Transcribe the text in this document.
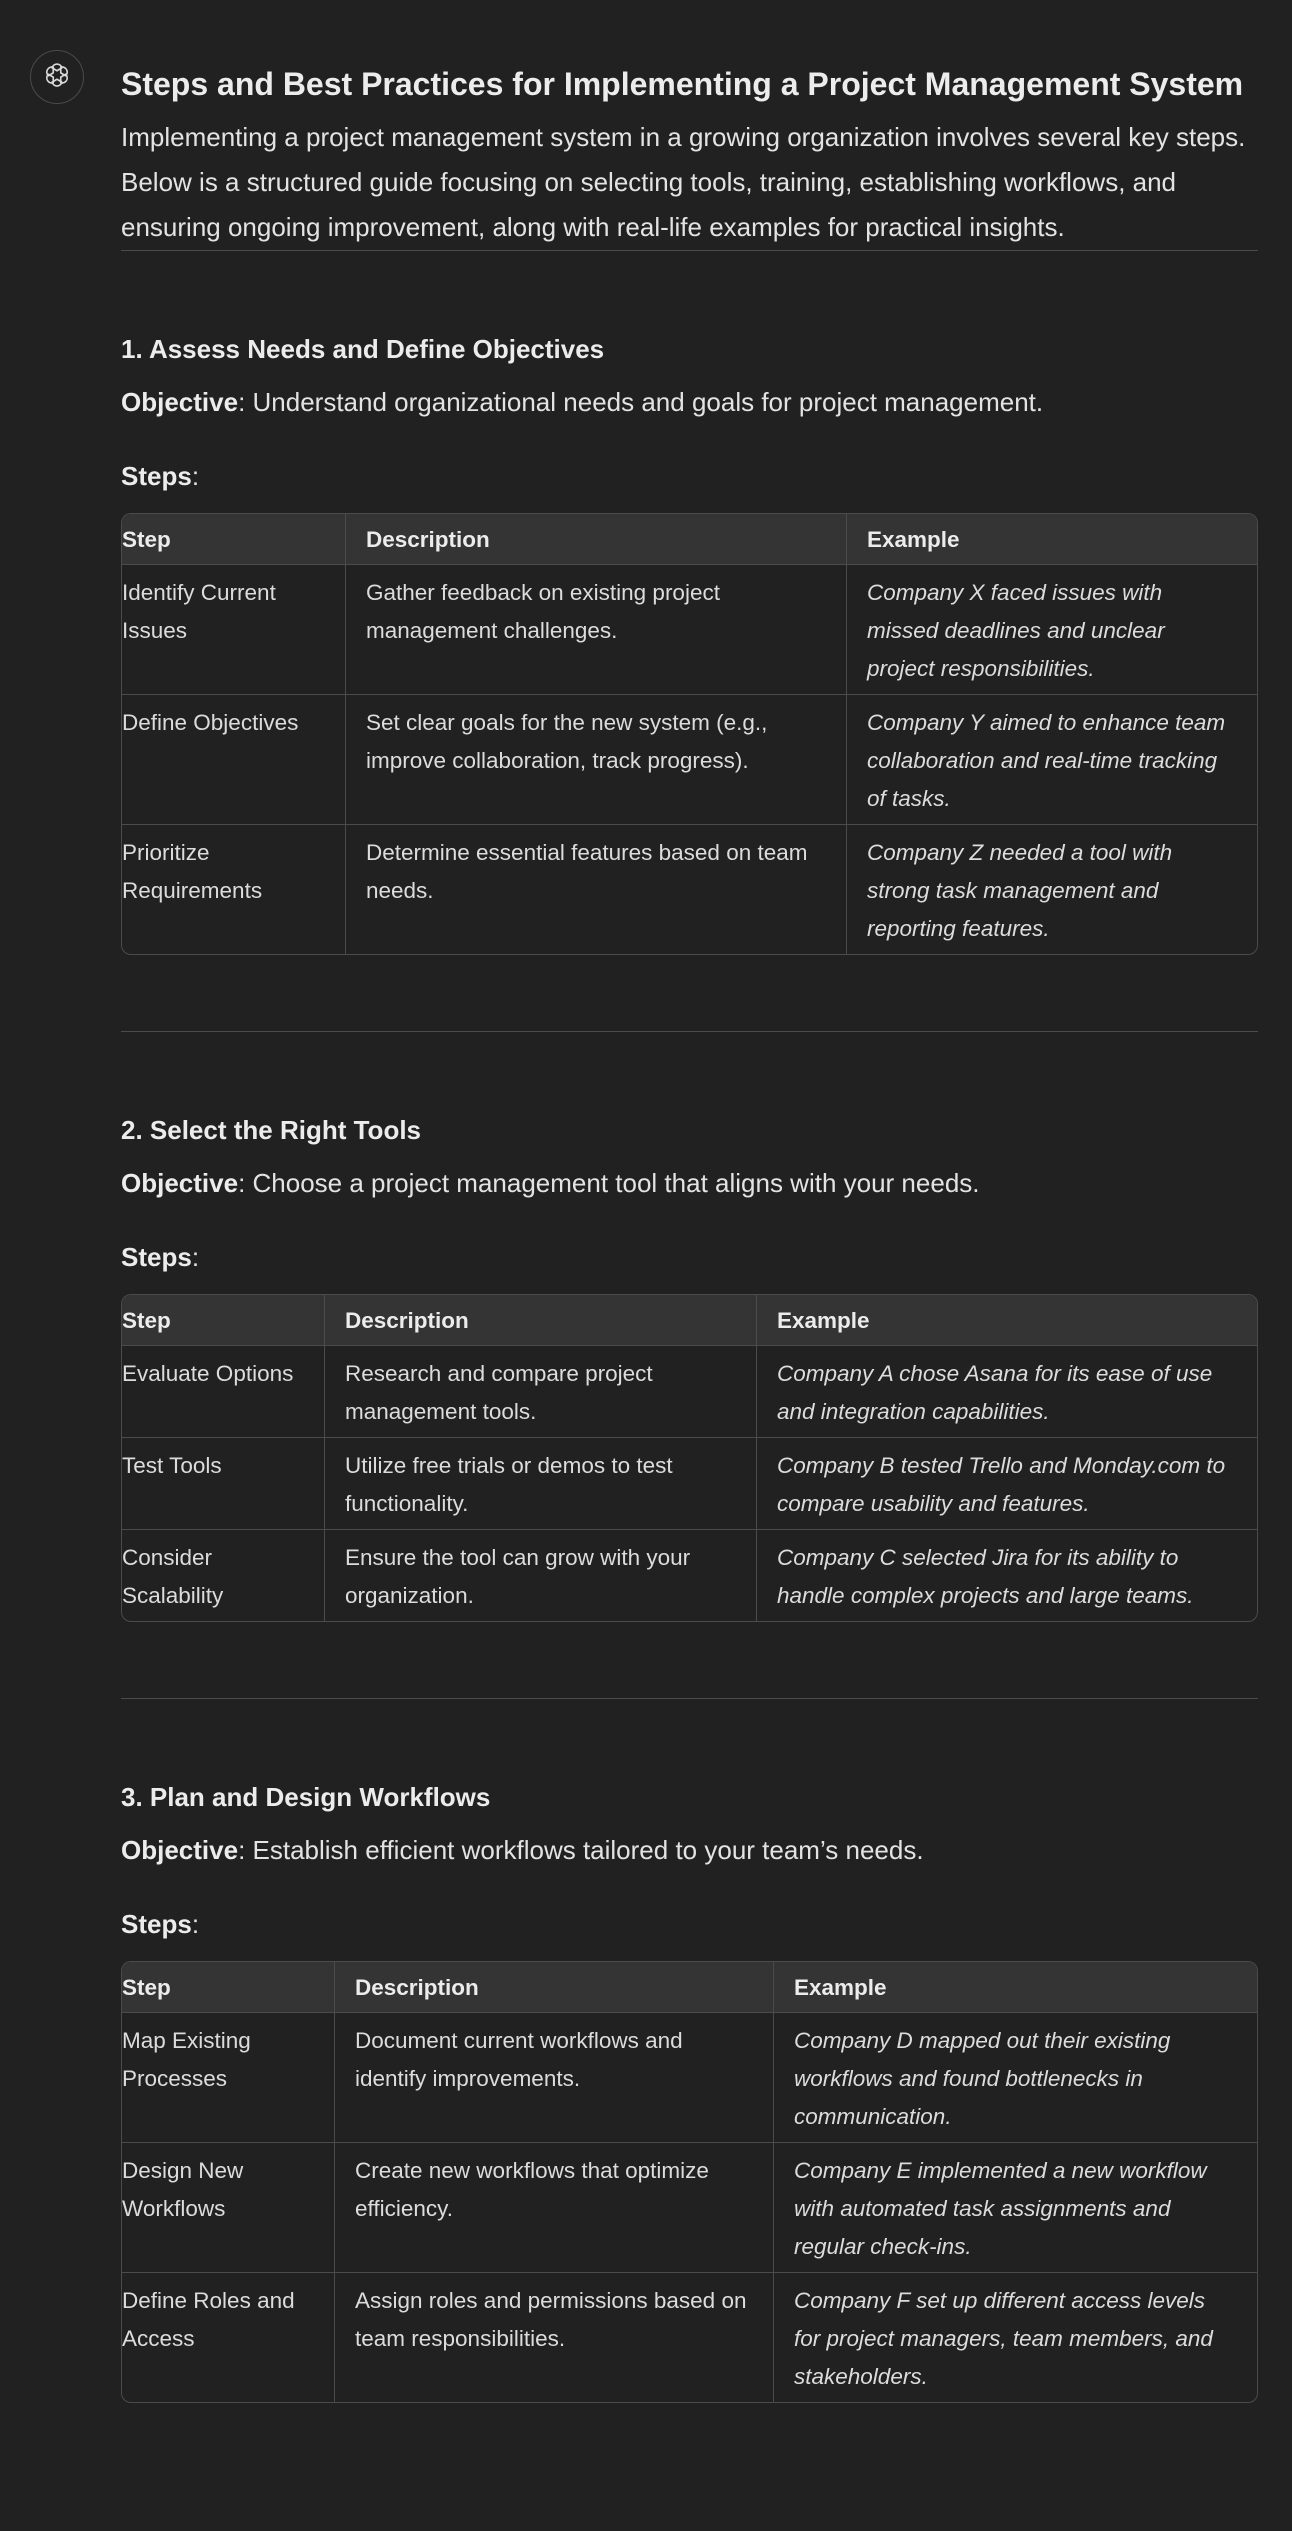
Steps and Best Practices for Implementing a Project Management System

Implementing a project management system in a growing organization involves several key steps. Below is a structured guide focusing on selecting tools, training, establishing workflows, and ensuring ongoing improvement, along with real-life examples for practical insights.

1. Assess Needs and Define Objectives

Objective: Understand organizational needs and goals for project management.

Steps:

Step	Description	Example
Identify Current Issues	Gather feedback on existing project management challenges.	Company X faced issues with missed deadlines and unclear project responsibilities.
Define Objectives	Set clear goals for the new system (e.g., improve collaboration, track progress).	Company Y aimed to enhance team collaboration and real-time tracking of tasks.
Prioritize Requirements	Determine essential features based on team needs.	Company Z needed a tool with strong task management and reporting features.
2. Select the Right Tools

Objective: Choose a project management tool that aligns with your needs.

Steps:

Step	Description	Example
Evaluate Options	Research and compare project management tools.	Company A chose Asana for its ease of use and integration capabilities.
Test Tools	Utilize free trials or demos to test functionality.	Company B tested Trello and Monday.com to compare usability and features.
Consider Scalability	Ensure the tool can grow with your organization.	Company C selected Jira for its ability to handle complex projects and large teams.
3. Plan and Design Workflows

Objective: Establish efficient workflows tailored to your team’s needs.

Steps:

Step	Description	Example
Map Existing Processes	Document current workflows and identify improvements.	Company D mapped out their existing workflows and found bottlenecks in communication.
Design New Workflows	Create new workflows that optimize efficiency.	Company E implemented a new workflow with automated task assignments and regular check-ins.
Define Roles and Access	Assign roles and permissions based on team responsibilities.	Company F set up different access levels for project managers, team members, and stakeholders.
